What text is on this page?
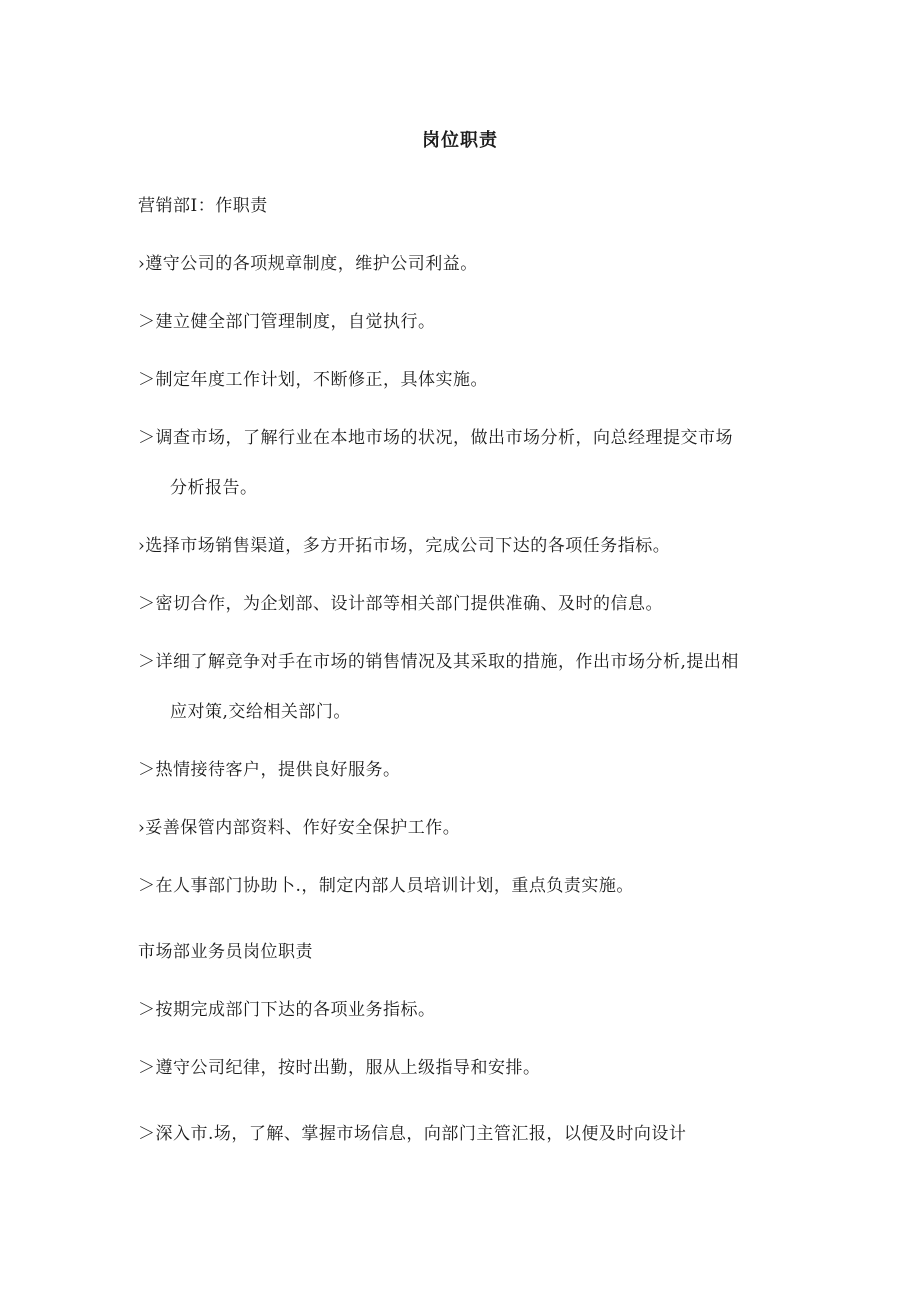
岗位职责
营销部I：作职责
›遵守公司的各项规章制度，维护公司利益。
＞建立健全部门管理制度，自觉执行。
＞制定年度工作计划，不断修正，具体实施。
＞调查市场，了解行业在本地市场的状况，做出市场分析，向总经理提交市场
分析报告。
›选择市场销售渠道，多方开拓市场，完成公司下达的各项任务指标。
＞密切合作，为企划部、设计部等相关部门提供准确、及时的信息。
＞详细了解竞争对手在市场的销售情况及其采取的措施，作出市场分析,提出相
应对策,交给相关部门。
＞热情接待客户，提供良好服务。
›妥善保管内部资料、作好安全保护工作。
＞在人事部门协助卜.，制定内部人员培训计划，重点负责实施。
市场部业务员岗位职责
＞按期完成部门下达的各项业务指标。
＞遵守公司纪律，按时出勤，服从上级指导和安排。
＞深入市.场，了解、掌握市场信息，向部门主管汇报，以便及时向设计
